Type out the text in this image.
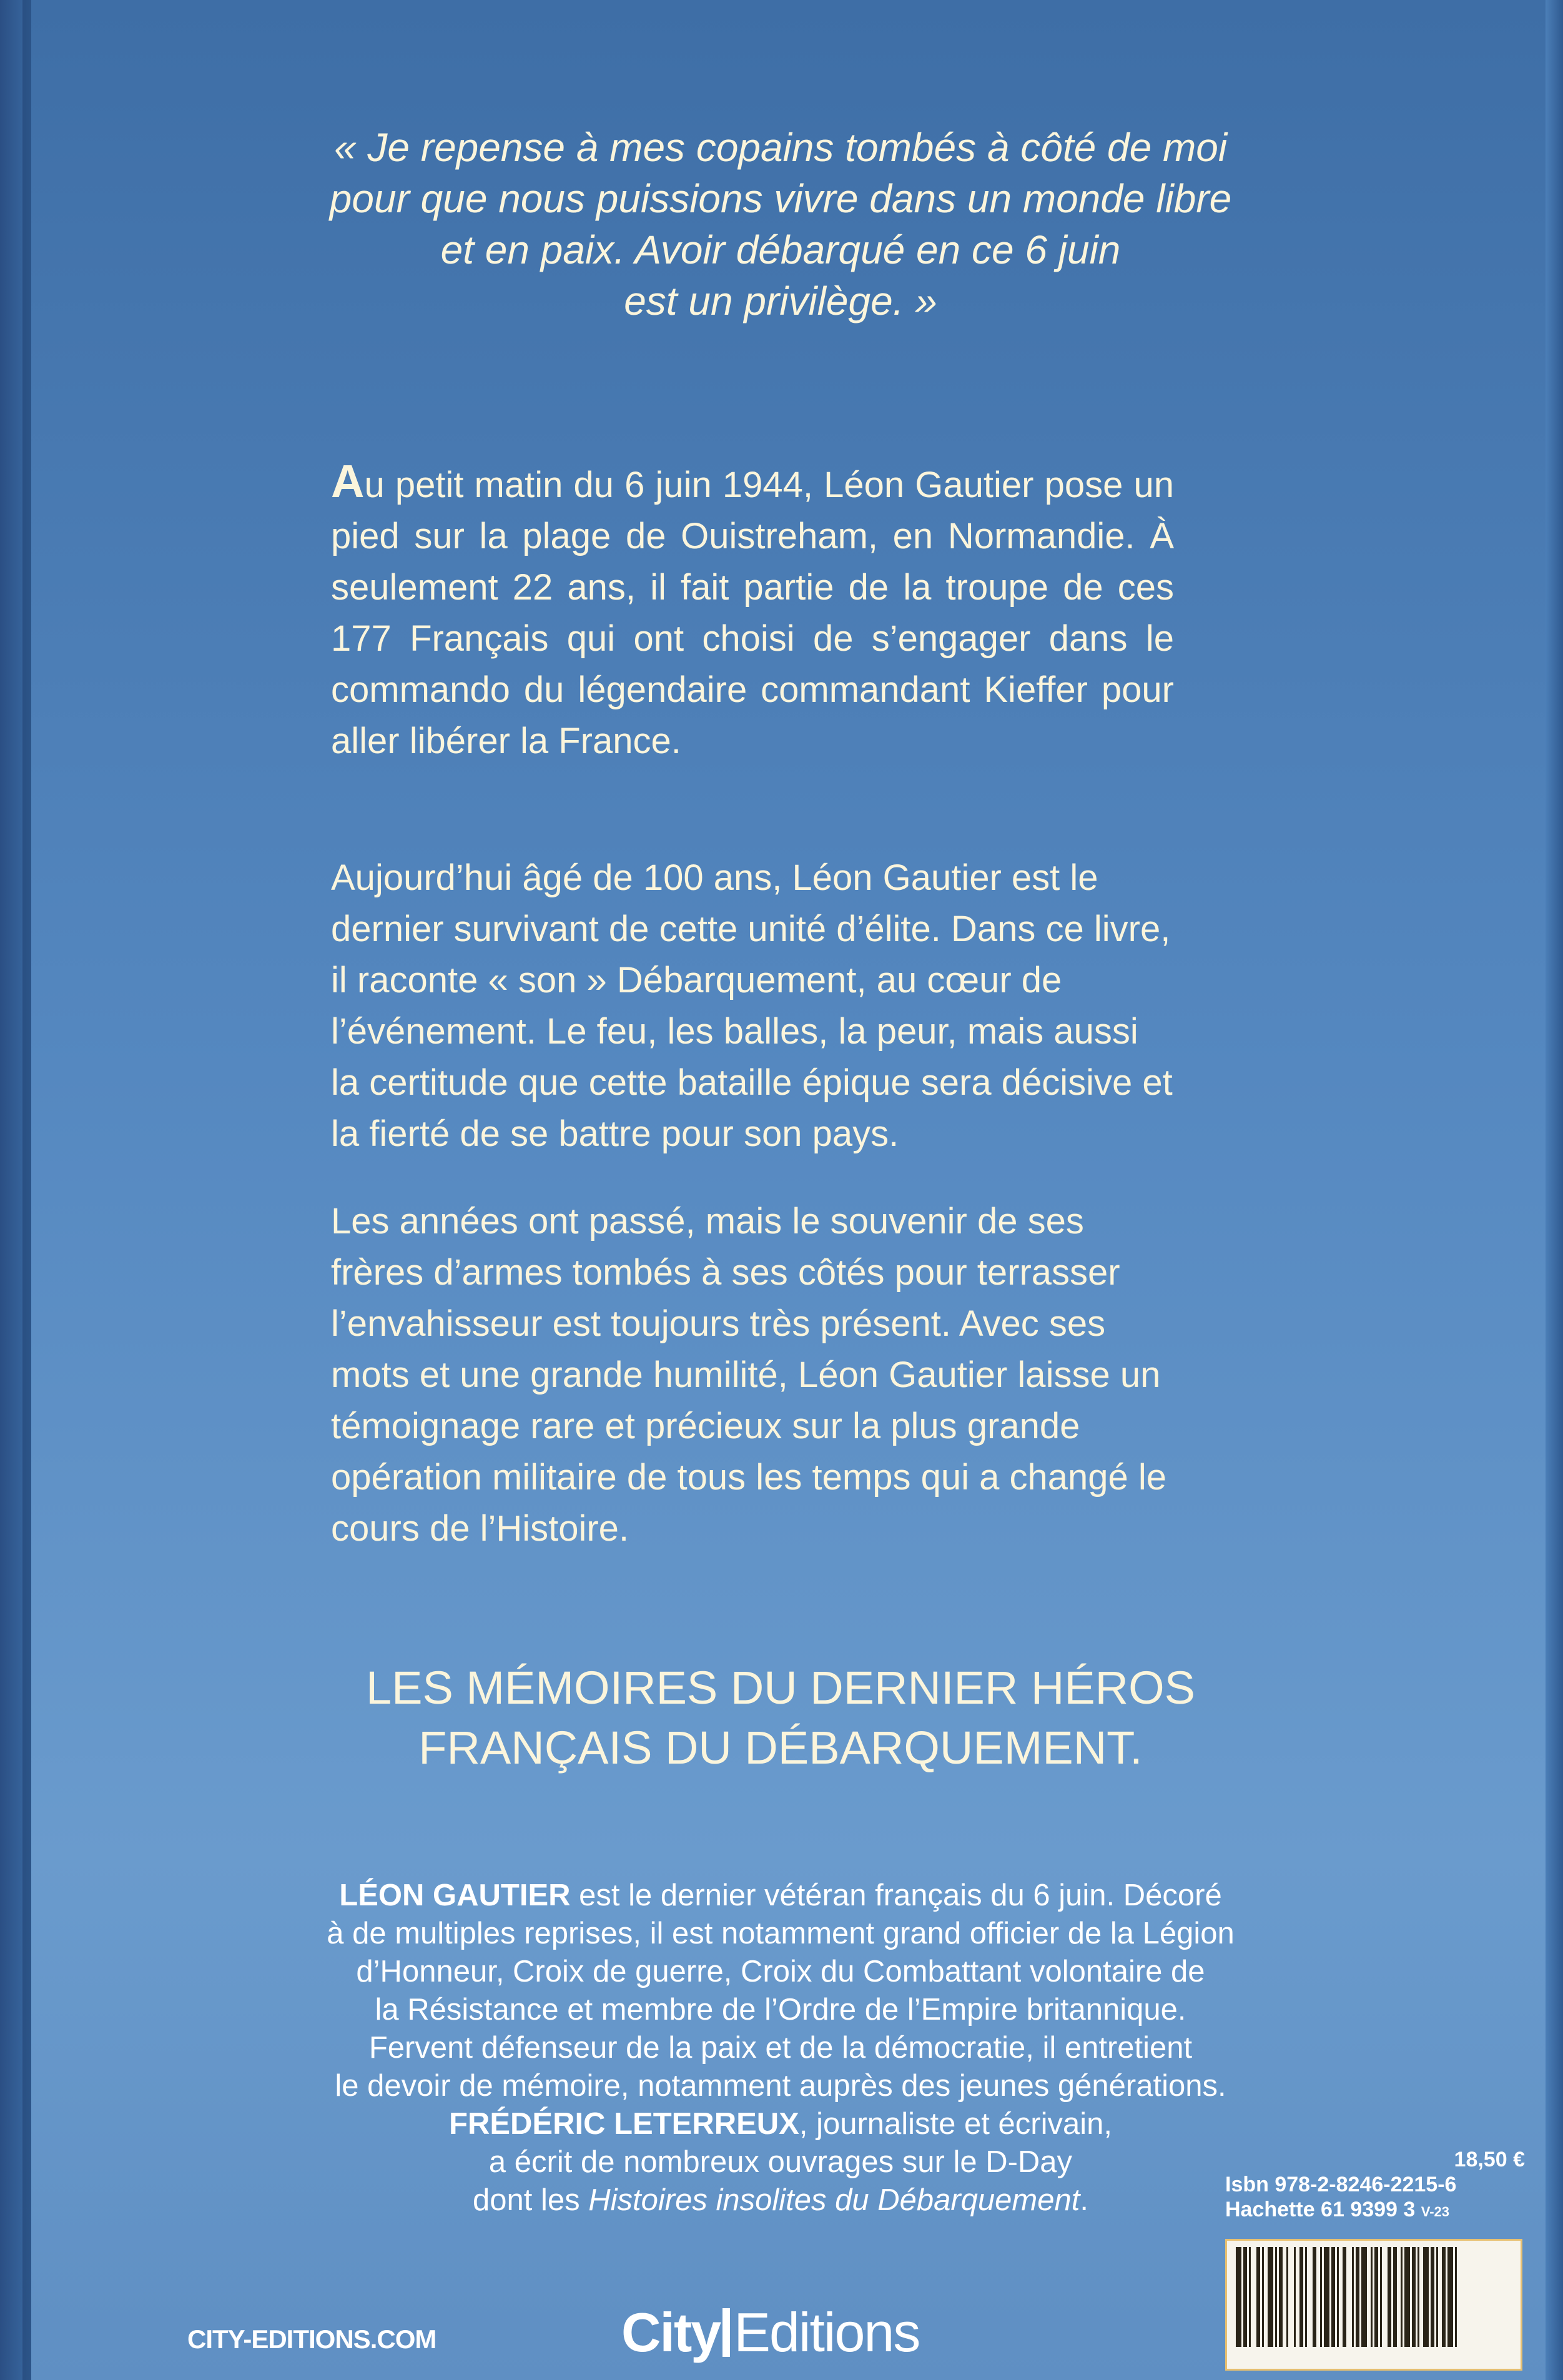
« Je repense à mes copains tombés à côté de moi
pour que nous puissions vivre dans un monde libre
et en paix. Avoir débarqué en ce 6 juin
est un privilège. »
Au petit matin du 6 juin 1944, Léon Gautier pose un pied sur la plage de Ouistreham, en Normandie. À seulement 22 ans, il fait partie de la troupe de ces 177 Français qui ont choisi de s’engager dans le commando du légendaire commandant Kieffer pour aller libérer la France.
Aujourd’hui âgé de 100 ans, Léon Gautier est le dernier survivant de cette unité d’élite. Dans ce livre, il raconte « son » Débarquement, au cœur de l’événement. Le feu, les balles, la peur, mais aussi la certitude que cette bataille épique sera décisive et la fierté de se battre pour son pays.
Les années ont passé, mais le souvenir de ses frères d’armes tombés à ses côtés pour terrasser l’envahisseur est toujours très présent. Avec ses mots et une grande humilité, Léon Gautier laisse un témoignage rare et précieux sur la plus grande opération militaire de tous les temps qui a changé le cours de l’Histoire.
LES MÉMOIRES DU DERNIER HÉROS
FRANÇAIS DU DÉBARQUEMENT.
LÉON GAUTIER est le dernier vétéran français du 6 juin. Décoré
à de multiples reprises, il est notamment grand officier de la Légion
d’Honneur, Croix de guerre, Croix du Combattant volontaire de
la Résistance et membre de l’Ordre de l’Empire britannique.
Fervent défenseur de la paix et de la démocratie, il entretient
le devoir de mémoire, notamment auprès des jeunes générations.
FRÉDÉRIC LETERREUX, journaliste et écrivain,
a écrit de nombreux ouvrages sur le D-Day
dont les Histoires insolites du Débarquement.
18,50 €
Isbn 978-2-8246-2215-6
Hachette 61 9399 3 V-23
CITY-EDITIONS.COM	City Editions
